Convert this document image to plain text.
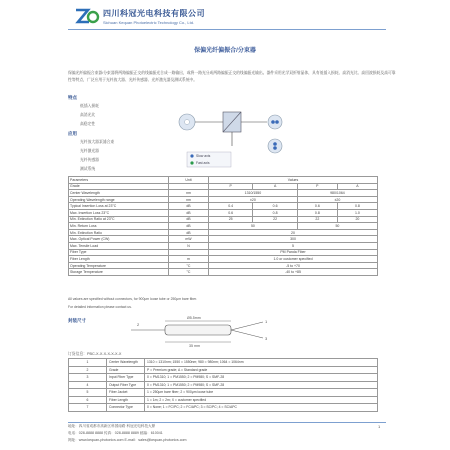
四川科冠光电科技有限公司
Sichuan Kequan Photoelectric Technology Co., Ltd.
保偏光纤偏振合/分束器
保偏光纤偏振合束器/分束器将两路偏振正交的线偏振光合成一路输出，或将一路光分成两路偏振正交的线偏振光输出。器件采用光学双折射晶体，具有低插入损耗、高消光比、高回波损耗及高可靠性等特点，广泛应用于光纤放大器、光纤传感器、光纤激光器及测试系统中。
特点
低插入损耗
高消光比
高稳定性
应用
光纤放大器泵浦合束
光纤激光器
光纤传感器
测试系统
Slow axis
Fast axis
Parameters	Unit	Values			
Grade		P	A	P	A
Center Wavelength	nm	1310/1550		980/1064	
Operating Wavelength range	nm	±20		±20	
Typical Insertion Loss at 23°C	dB	0.4	0.6	0.6	0.8
Max. Insertion Loss 23°C	dB	0.6	0.8	0.8	1.0
Min. Extinction Ratio at 23°C	dB	25	22	22	20
Min. Return Loss	dB	50		50	
Min. Extinction Ratio	dB	20			
Max. Optical Power (CW)	mW	300			
Max. Tensile Load	N	5			
Fiber Type		PM Panda Fiber			
Fiber Length	m	1.0 or customer specified			
Operating Temperature	°C	-5 to +70			
Storage Temperature	°C	-40 to +85			
All values are specified without connectors, for 900μm loose tube or 250μm bare fiber.
For detailed information please contact us.
封装尺寸
2
1
3
Ø5.5mm
35 mm
订货信息：PBC-X-X-X-X-X-X-X
1	Center Wavelength	1310 = 1310nm; 1550 = 1550nm; 980 = 980nm; 1064 = 1064nm
2	Grade	P = Premium grade; A = Standard grade
3	Input Fiber Type	0 = PM1310; 1 = PM1550; 2 = PM980; S = SMF-28
4	Output Fiber Type	0 = PM1310; 1 = PM1550; 2 = PM980; S = SMF-28
5	Fiber Jacket	1 = 250μm bare fiber; 2 = 900μm loose tube
6	Fiber Length	1 = 1m; 2 = 2m; X = customer specified
7	Connector Type	0 = None; 1 = FC/PC; 2 = FC/APC; 3 = SC/PC; 4 = SC/APC
地址：四川省成都市高新区科园南路 科冠光电科技大厦
电话：028-8888 8888 传真：028-8888 8889 邮编：610041
网址：www.kequan-photonics.com E-mail：sales@kequan-photonics.com
1
